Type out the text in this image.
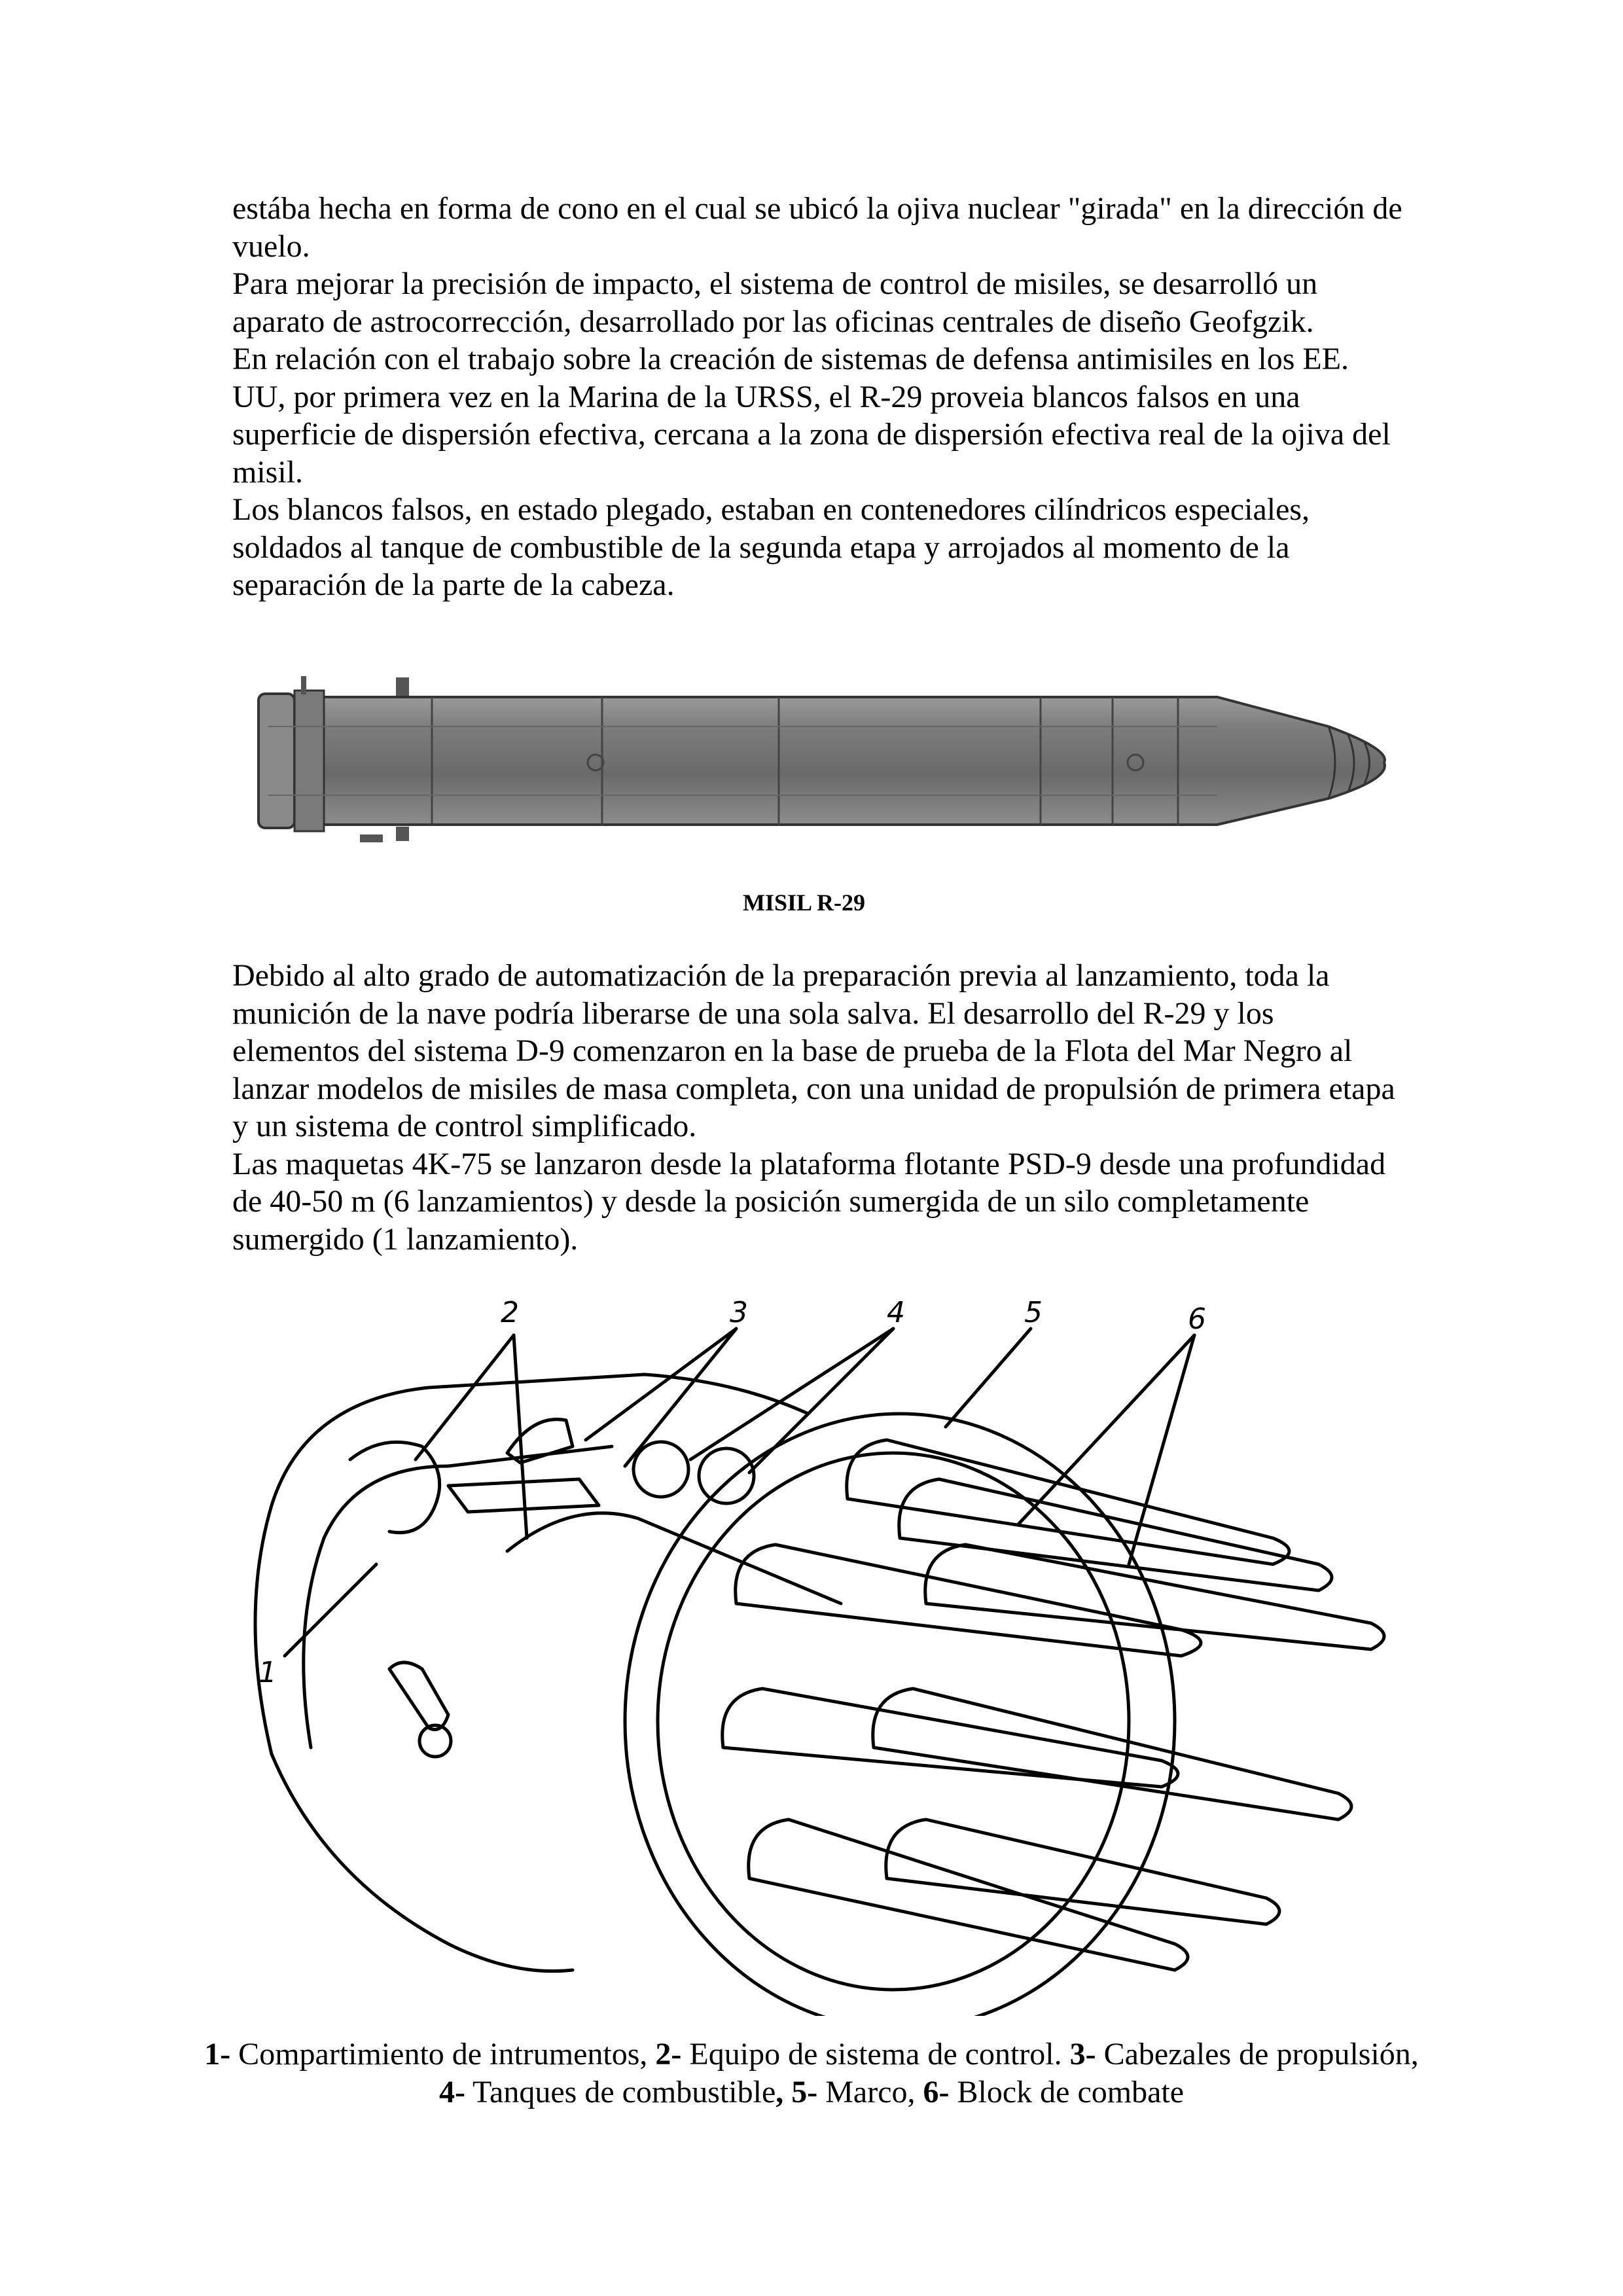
estába hecha en forma de cono en el cual se ubicó la ojiva nuclear "girada" en la dirección de vuelo.

Para mejorar la precisión de impacto, el sistema de control de misiles, se desarrolló un aparato de astrocorrección, desarrollado por las oficinas centrales de diseño Geofgzik.

En relación con el trabajo sobre la creación de sistemas de defensa antimisiles en los EE. UU, por primera vez en la Marina de la URSS, el R-29 proveia blancos falsos en una superficie de dispersión efectiva, cercana a la zona de dispersión efectiva real de la ojiva del misil.

Los blancos falsos, en estado plegado, estaban en contenedores cilíndricos especiales, soldados al tanque de combustible de la segunda etapa y arrojados al momento de la separación de la parte de la cabeza.

MISIL R-29

Debido al alto grado de automatización de la preparación previa al lanzamiento, toda la munición de la nave podría liberarse de una sola salva. El desarrollo del R-29 y los elementos del sistema D-9 comenzaron en la base de prueba de la Flota del Mar Negro al lanzar modelos de misiles de masa completa, con una unidad de propulsión de primera etapa y un sistema de control simplificado.

Las maquetas 4K-75 se lanzaron desde la plataforma flotante PSD-9 desde una profundidad de 40-50 m (6 lanzamientos) y desde la posición sumergida de un silo completamente sumergido (1 lanzamiento).

1
2	3	4	5	6
1- Compartimiento de intrumentos, 2- Equipo de sistema de control. 3- Cabezales de propulsión, 4- Tanques de combustible, 5- Marco, 6- Block de combate
